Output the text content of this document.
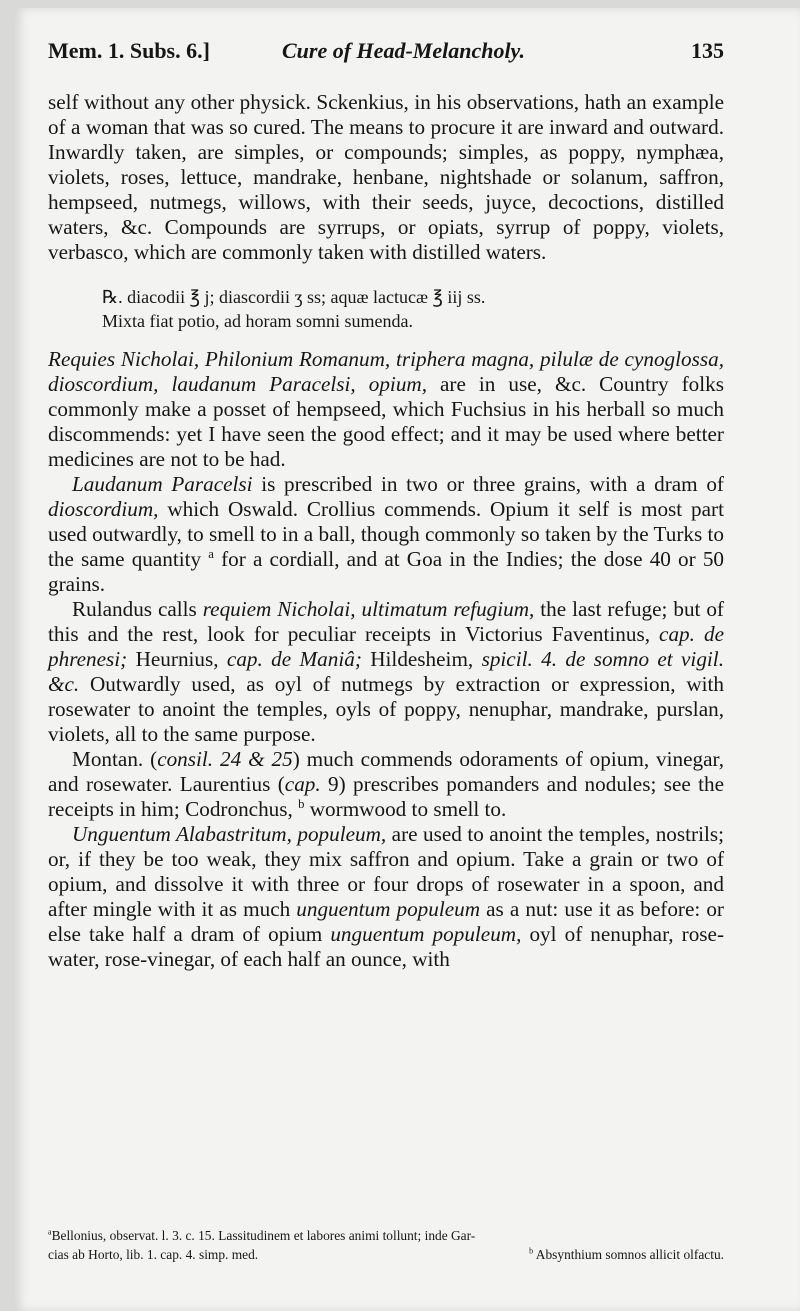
Mem. 1. Subs. 6.]	Cure of Head-Melancholy.	135

self without any other physick. Sckenkius, in his observations, hath an example of a woman that was so cured. The means to procure it are inward and outward. Inwardly taken, are simples, or compounds; simples, as poppy, nymphæa, violets, roses, lettuce, mandrake, henbane, nightshade or solanum, saffron, hempseed, nutmegs, willows, with their seeds, juyce, decoctions, distilled waters, &c. Compounds are syrrups, or opiats, syrrup of poppy, violets, verbasco, which are commonly taken with distilled waters.

℞. diacodii ℥ j; diascordii ʒ ss; aquæ lactucæ ℥ iij ss.
Mixta fiat potio, ad horam somni sumenda.

Requies Nicholai, Philonium Romanum, triphera magna, pilulæ de cynoglossa, dioscordium, laudanum Paracelsi, opium, are in use, &c. Country folks commonly make a posset of hempseed, which Fuchsius in his herball so much discommends: yet I have seen the good effect; and it may be used where better medicines are not to be had.

Laudanum Paracelsi is prescribed in two or three grains, with a dram of dioscordium, which Oswald. Crollius commends. Opium it self is most part used outwardly, to smell to in a ball, though commonly so taken by the Turks to the same quantity $^a$ for a cordiall, and at Goa in the Indies; the dose 40 or 50 grains.

Rulandus calls requiem Nicholai, ultimatum refugium, the last refuge; but of this and the rest, look for peculiar receipts in Victorius Faventinus, cap. de phrenesi; Heurnius, cap. de Maniâ; Hildesheim, spicil. 4. de somno et vigil. &c. Outwardly used, as oyl of nutmegs by extraction or expression, with rosewater to anoint the temples, oyls of poppy, nenuphar, mandrake, purslan, violets, all to the same purpose.

Montan. (consil. 24 & 25) much commends odoraments of opium, vinegar, and rosewater. Laurentius (cap. 9) prescribes pomanders and nodules; see the receipts in him; Codronchus, $^b$ wormwood to smell to.

Unguentum Alabastritum, populeum, are used to anoint the temples, nostrils; or, if they be too weak, they mix saffron and opium. Take a grain or two of opium, and dissolve it with three or four drops of rosewater in a spoon, and after mingle with it as much unguentum populeum as a nut: use it as before: or else take half a dram of opium unguentum populeum, oyl of nenuphar, rose-water, rose-vinegar, of each half an ounce, with

$^a$Bellonius, observat. l. 3. c. 15. Lassitudinem et labores animi tollunt; inde Gar-

cias ab Horto, lib. 1. cap. 4. simp. med.	$^b$ Absynthium somnos allicit olfactu.
